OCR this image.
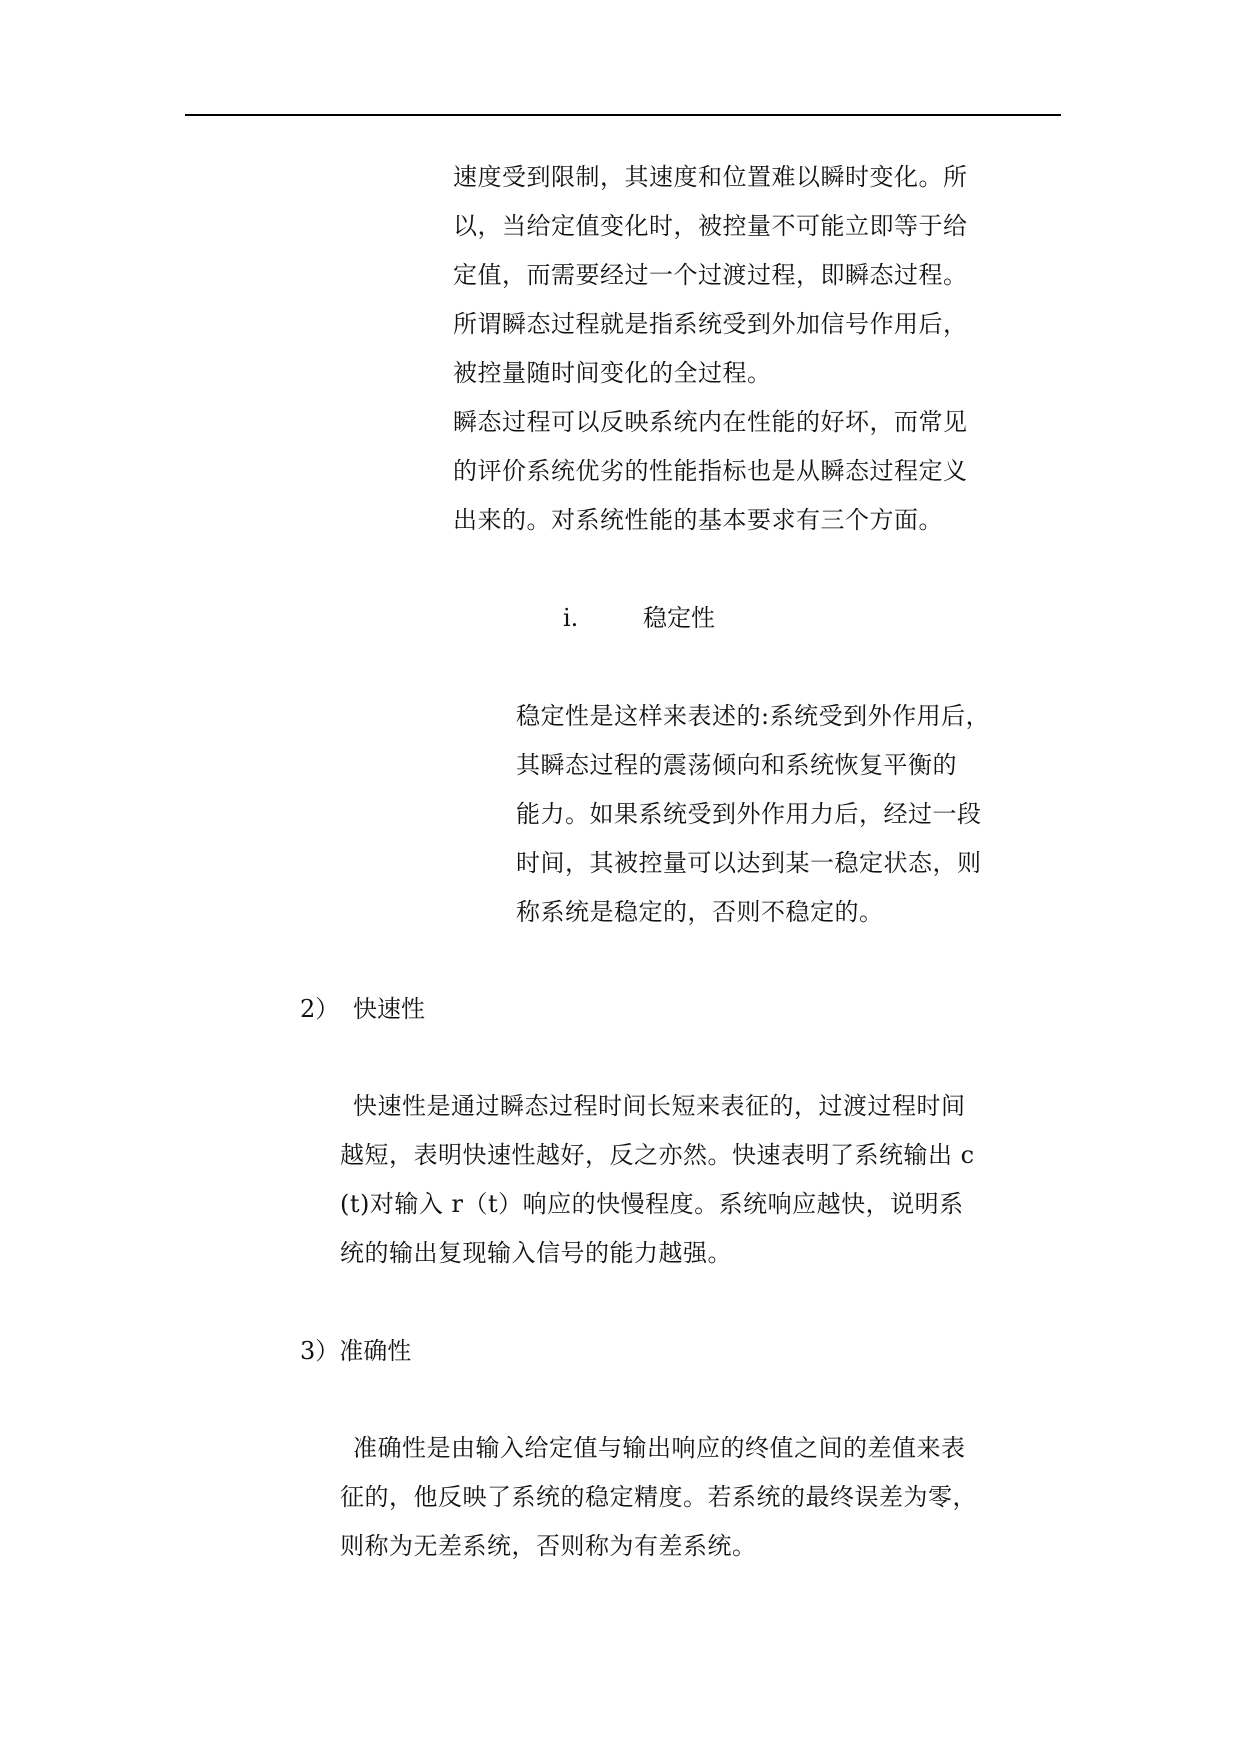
速度受到限制，其速度和位置难以瞬时变化。所
以，当给定值变化时，被控量不可能立即等于给
定值，而需要经过一个过渡过程，即瞬态过程。
所谓瞬态过程就是指系统受到外加信号作用后，
被控量随时间变化的全过程。
瞬态过程可以反映系统内在性能的好坏，而常见
的评价系统优劣的性能指标也是从瞬态过程定义
出来的。对系统性能的基本要求有三个方面。
i.	稳定性
稳定性是这样来表述的:系统受到外作用后，
其瞬态过程的震荡倾向和系统恢复平衡的
能力。如果系统受到外作用力后，经过一段
时间，其被控量可以达到某一稳定状态，则
称系统是稳定的，否则不稳定的。
2） 快速性
快速性是通过瞬态过程时间长短来表征的，过渡过程时间
越短，表明快速性越好，反之亦然。快速表明了系统输出 c
(t)对输入 r（t）响应的快慢程度。系统响应越快，说明系
统的输出复现输入信号的能力越强。
3）准确性
准确性是由输入给定值与输出响应的终值之间的差值来表
征的，他反映了系统的稳定精度。若系统的最终误差为零，
则称为无差系统，否则称为有差系统。
